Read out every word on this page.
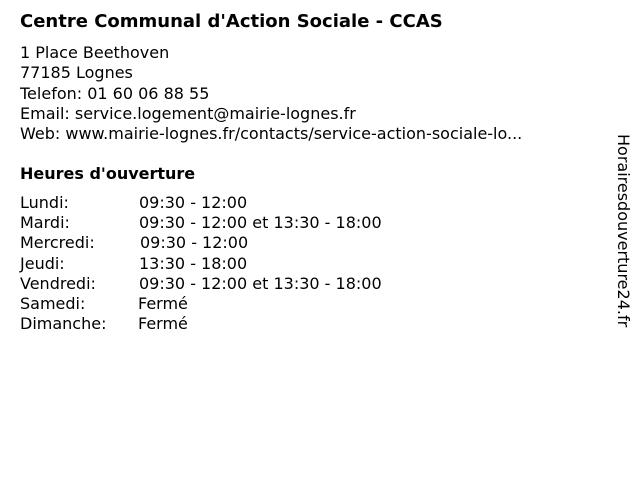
Centre Communal d'Action Sociale - CCAS
1 Place Beethoven
77185 Lognes
Telefon: 01 60 06 88 55
Email: service.logement@mairie-lognes.fr
Web: www.mairie-lognes.fr/contacts/service-action-sociale-lo...
Heures d'ouverture
Lundi:	09:30 - 12:00
Mardi:	09:30 - 12:00 et 13:30 - 18:00
Mercredi:	09:30 - 12:00
Jeudi:	13:30 - 18:00
Vendredi:	09:30 - 12:00 et 13:30 - 18:00
Samedi:	Fermé
Dimanche: Fermé	Horairesdouverture24.fr
